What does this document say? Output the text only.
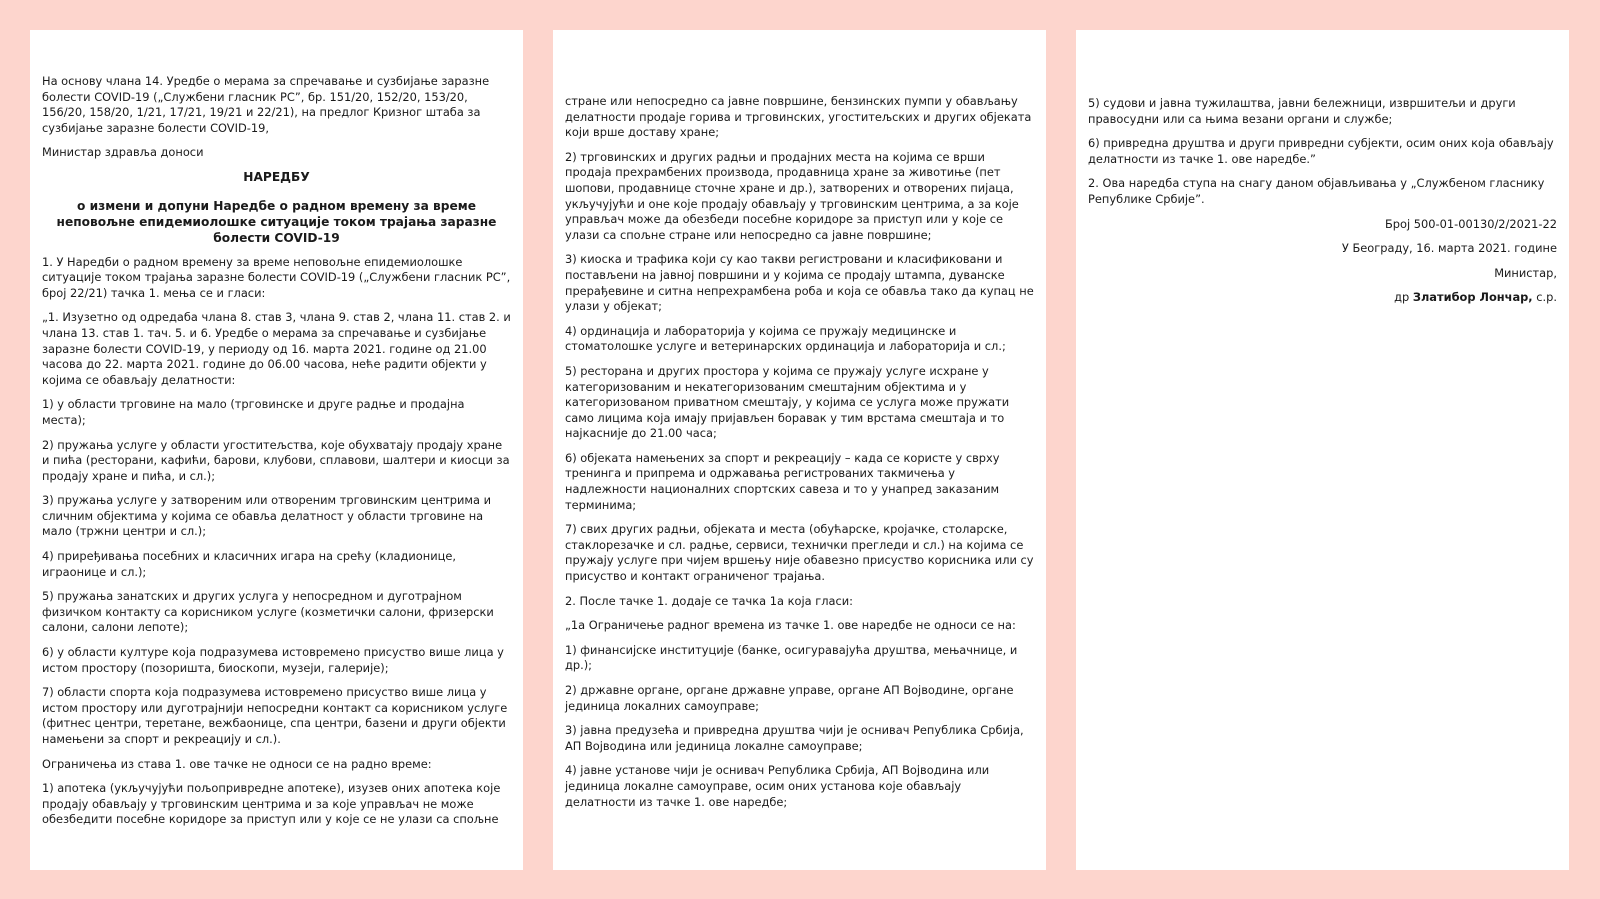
На основу члана 14. Уредбе о мерама за спречавање и сузбијање заразне болести COVID-19 („Службени гласник РС”, бр. 151/20, 152/20, 153/20, 156/20, 158/20, 1/21, 17/21, 19/21 и 22/21), на предлог Кризног штаба за сузбијање заразне болести COVID-19,

Министар здравља доноси

НАРЕДБУ

о измени и допуни Наредбе о радном времену за време неповољне епидемиолошке ситуације током трајања заразне болести COVID-19

1. У Наредби о радном времену за време неповољне епидемиолошке ситуације током трајања заразне болести COVID-19 („Службени гласник РС”, број 22/21) тачка 1. мења се и гласи:

„1. Изузетно од одредаба члана 8. став 3, члана 9. став 2, члана 11. став 2. и члана 13. став 1. тач. 5. и 6. Уредбе о мерама за спречавање и сузбијање заразне болести COVID-19, у периоду од 16. марта 2021. године од 21.00 часова до 22. марта 2021. године до 06.00 часова, неће радити објекти у којима се обављају делатности:

1) у области трговине на мало (трговинске и друге радње и продајна места);

2) пружања услуге у области угоститељства, које обухватају продају хране и пића (ресторани, кафићи, барови, клубови, сплавови, шалтери и киосци за продају хране и пића, и сл.);

3) пружања услуге у затвореним или отвореним трговинским центрима и сличним објектима у којима се обавља делатност у области трговине на мало (тржни центри и сл.);

4) приређивања посебних и класичних игара на срећу (кладионице, играонице и сл.);

5) пружања занатских и других услуга у непосредном и дуготрајном физичком контакту са корисником услуге (козметички салони, фризерски салони, салони лепоте);

6) у области културе која подразумева истовремено присуство више лица у истом простору (позоришта, биоскопи, музеји, галерије);

7) области спорта која подразумева истовремено присуство више лица у истом простору или дуготрајнији непосредни контакт са корисником услуге (фитнес центри, теретане, вежбаонице, спа центри, базени и други објекти намењени за спорт и рекреацију и сл.).

Ограничења из става 1. ове тачке не односи се на радно време:

1) апотека (укључујући пољопривредне апотеке), изузев оних апотека које продају обављају у трговинским центрима и за које управљач не може обезбедити посебне коридоре за приступ или у које се не улази са спољне

стране или непосредно са јавне површине, бензинских пумпи у обављању делатности продаје горива и трговинских, угоститељских и других објеката који врше доставу хране;

2) трговинских и других радњи и продајних места на којима се врши продаја прехрамбених производа, продавница хране за животиње (пет шопови, продавнице сточне хране и др.), затворених и отворених пијаца, укључујући и оне које продају обављају у трговинским центрима, а за које управљач може да обезбеди посебне коридоре за приступ или у које се улази са спољне стране или непосредно са јавне површине;

3) киоска и трафика који су као такви регистровани и класификовани и постављени на јавној површини и у којима се продају штампа, дуванске прерађевине и ситна непрехрамбена роба и која се обавља тако да купац не улази у објекат;

4) ординација и лабораторија у којима се пружају медицинске и стоматолошке услуге и ветеринарских ординација и лабораторија и сл.;

5) ресторана и других простора у којима се пружају услуге исхране у категоризованим и некатегоризованим смештајним објектима и у категоризованом приватном смештају, у којима се услуга може пружати само лицима која имају пријављен боравак у тим врстама смештаја и то најкасније до 21.00 часа;

6) објеката намењених за спорт и рекреацију – када се користе у сврху тренинга и припрема и одржавања регистрованих такмичења у надлежности националних спортских савеза и то у унапред заказаним терминима;

7) свих других радњи, објеката и места (обућарске, кројачке, столарске, стаклорезачке и сл. радње, сервиси, технички прегледи и сл.) на којима се пружају услуге при чијем вршењу није обавезно присуство корисника или су присуство и контакт ограниченог трајања.

2. После тачке 1. додаје се тачка 1а која гласи:

„1а Ограничење радног времена из тачке 1. ове наредбе не односи се на:

1) финансијске институције (банке, осигуравајућа друштва, мењачнице, и др.);

2) државне органе, органе државне управе, органе АП Војводине, органе јединица локалних самоуправе;

3) јавна предузећа и привредна друштва чији је оснивач Република Србија, АП Војводина или јединица локалне самоуправе;

4) јавне установе чији је оснивач Република Србија, АП Војводина или јединица локалне самоуправе, осим оних установа које обављају делатности из тачке 1. ове наредбе;

5) судови и јавна тужилаштва, јавни бележници, извршитељи и други правосудни или са њима везани органи и службе;

6) привредна друштва и други привредни субјекти, осим оних која обављају делатности из тачке 1. ове наредбе.”

2. Ова наредба ступа на снагу даном објављивања у „Службеном гласнику Републике Србије”.

Број 500-01-00130/2/2021-22

У Београду, 16. марта 2021. године

Министар,

др Златибор Лончар, с.р.
